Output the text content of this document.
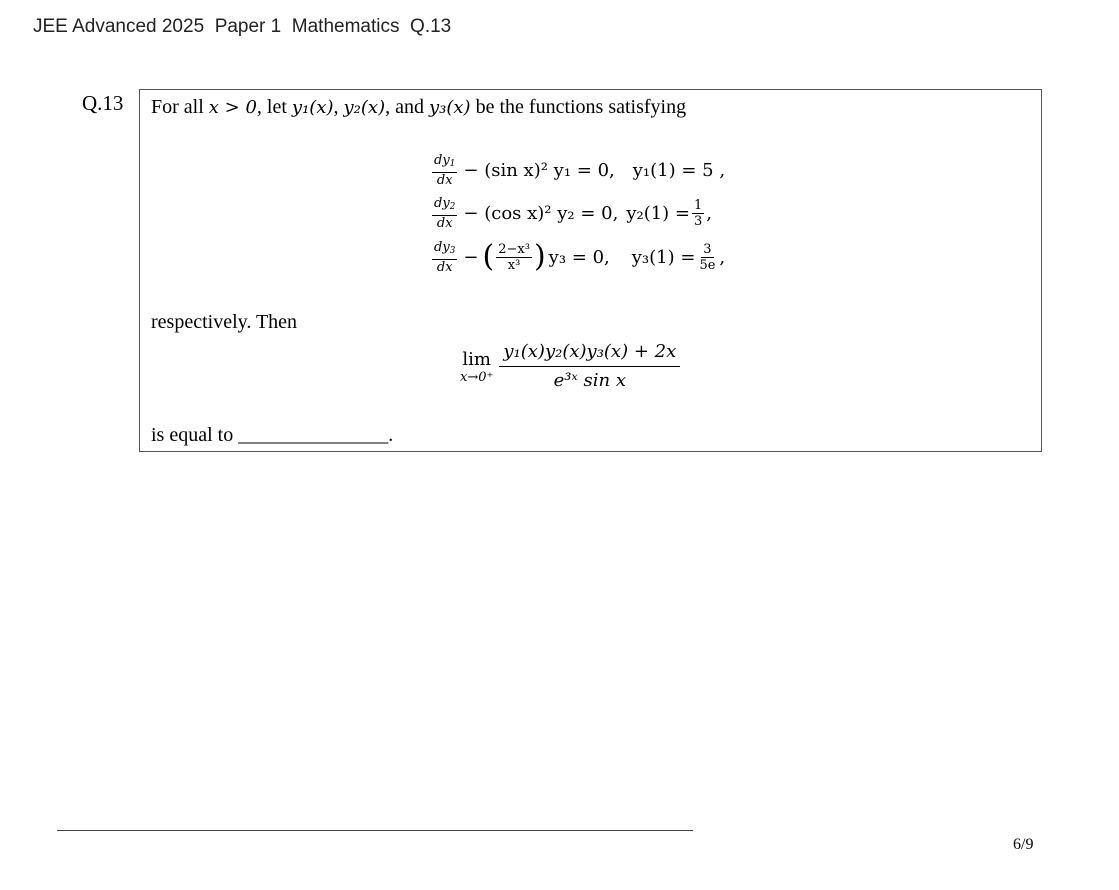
JEE Advanced 2025  Paper 1  Mathematics  Q.13
Q.13 For all x > 0, let y₁(x), y₂(x), and y₃(x) be the functions satisfying
$\frac{dy_1}{dx} - (\sin$ x)² y₁ = 0, y₁(1) = 5 ,
$\frac{dy_2}{dx} - (\cos$ x)² y₂ = 0, $y_2(1) = \frac{1}{3}$ ,
$\frac{dy_3}{dx}$ − ( $\frac{\text{2−x³}}{\text{x³}}$ ) y₃ = 0, $y_3(1) = \frac{3}{5e}$ ,
respectively. Then
lim
$x\to 0^+ \frac{\text{y₁(x)y₂(x)y₃(x) + 2x}}{\text{e³ˣ sin x}}$
is equal to _______________.
6/9
